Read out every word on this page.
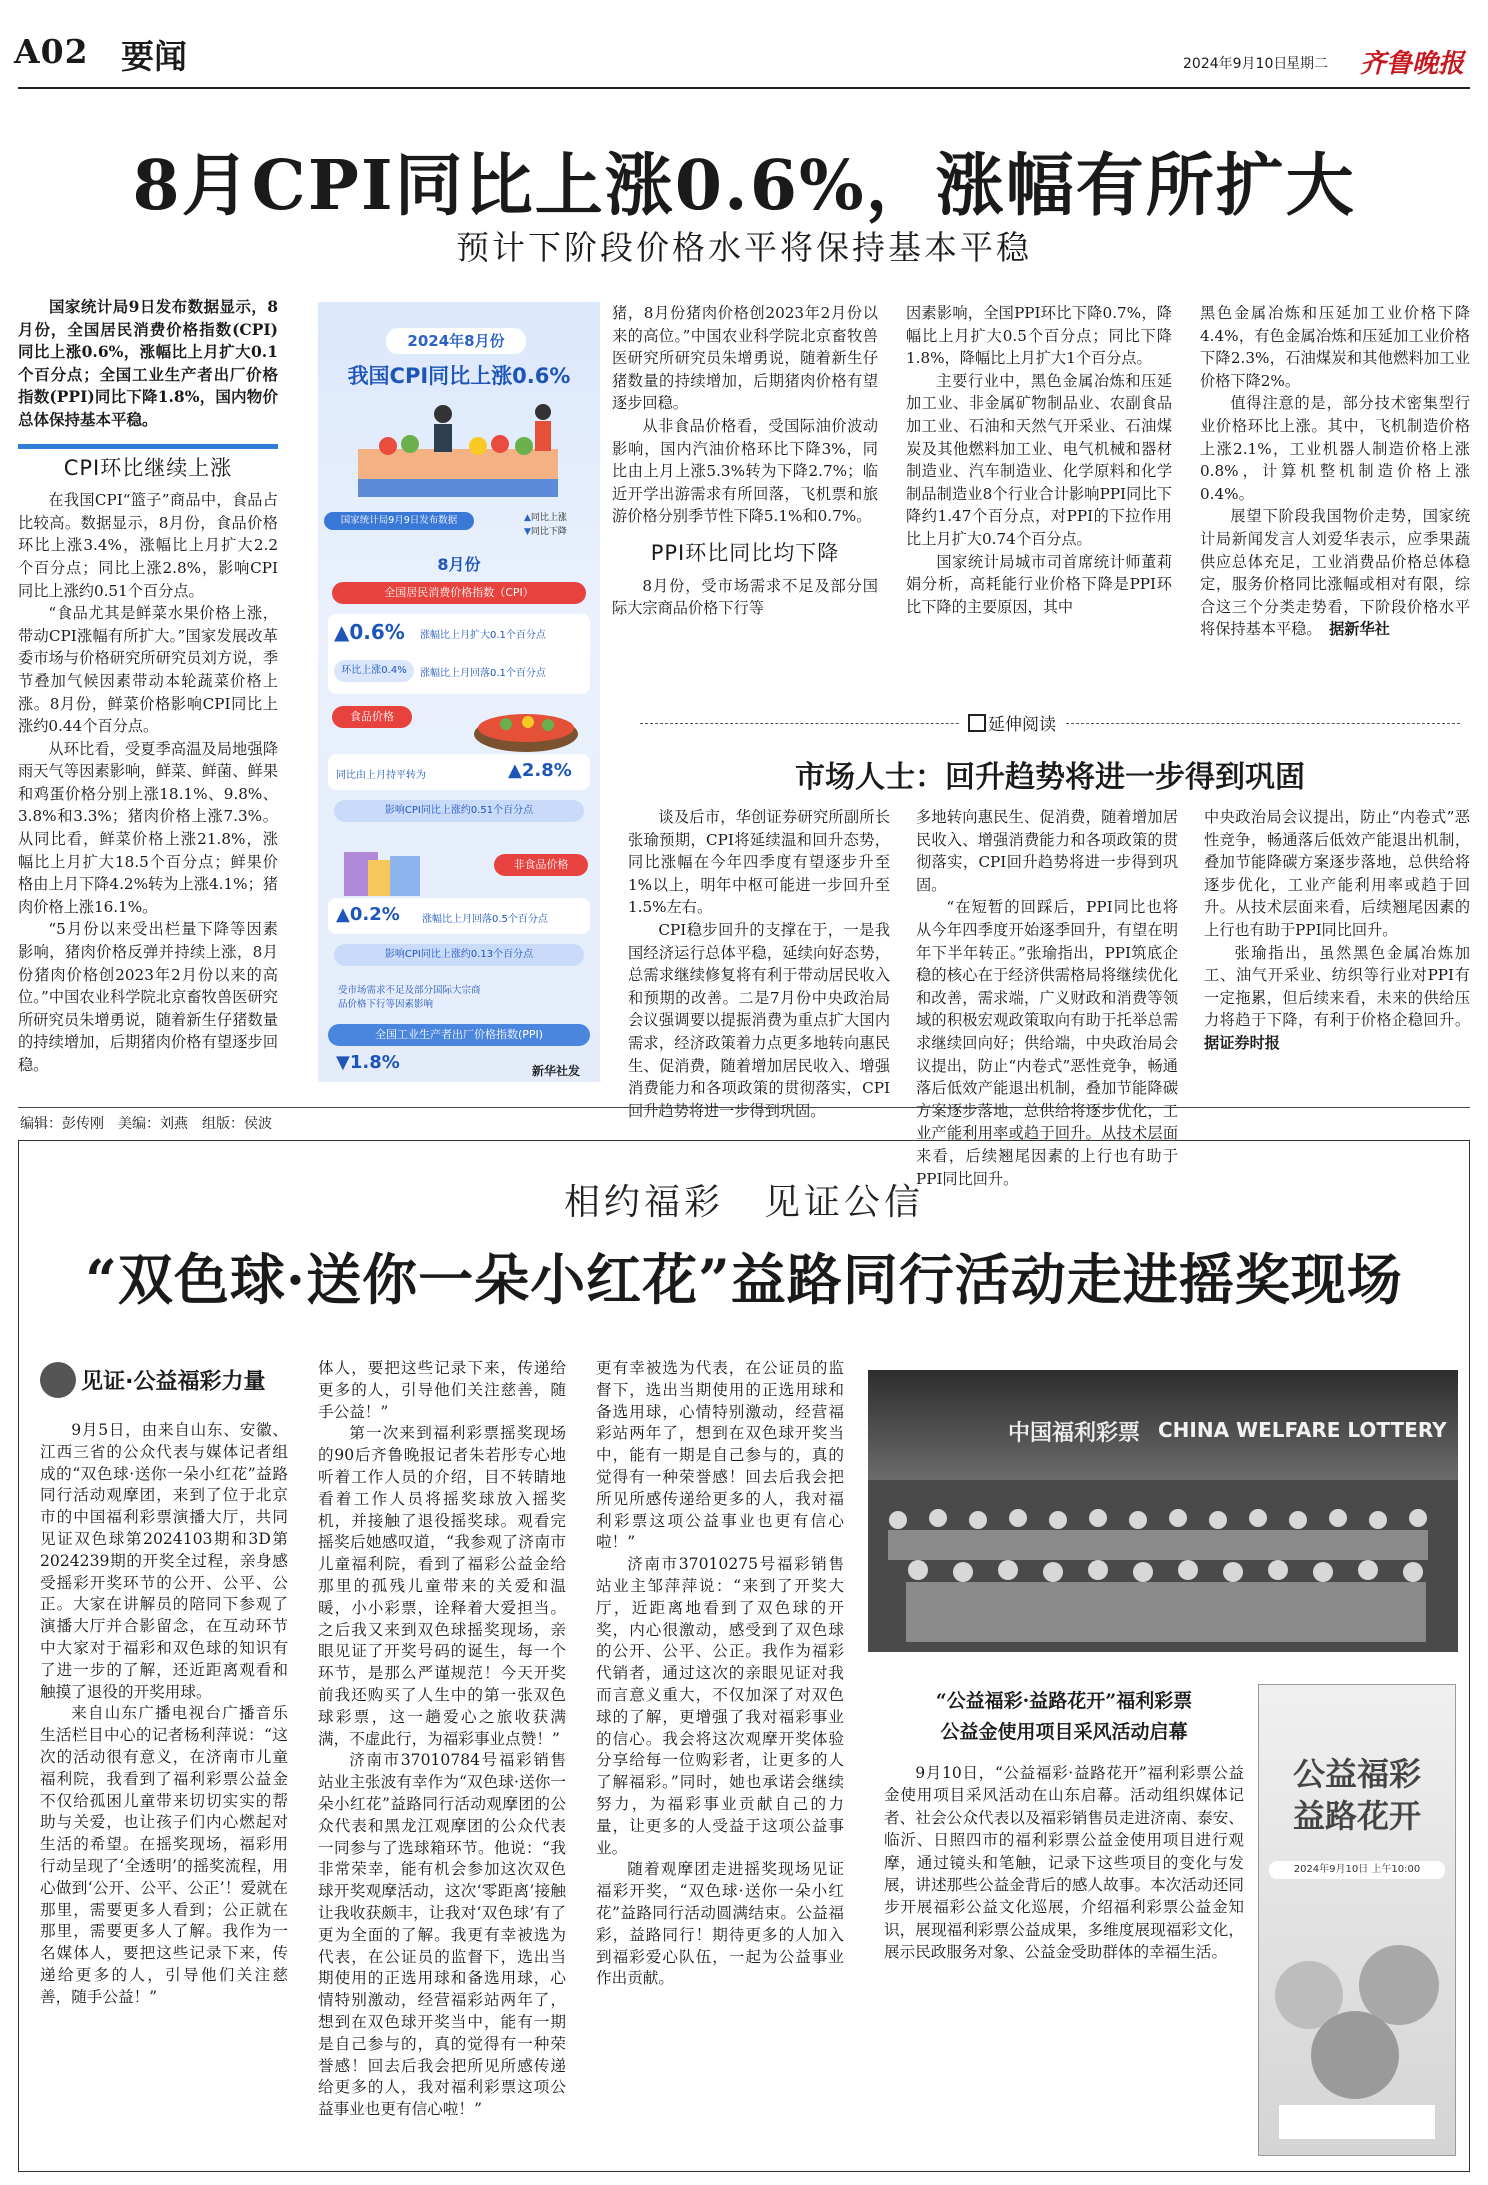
A02 要闻	2024年9月10日
星期二 齐鲁晚报
8月CPI同比上涨0.6%，涨幅有所扩大
预计下阶段价格水平将保持基本平稳

国家统计局9日发布数据显示，8月份，全国居民消费价格指数(CPI)同比上涨0.6%，涨幅比上月扩大0.1个百分点；全国工业生产者出厂价格指数(PPI)同比下降1.8%，国内物价总体保持基本平稳。

CPI环比继续上涨

在我国CPI“篮子”商品中，食品占比较高。数据显示，8月份，食品价格环比上涨3.4%，涨幅比上月扩大2.2个百分点；同比上涨2.8%，影响CPI同比上涨约0.51个百分点。

“食品尤其是鲜菜水果价格上涨，带动CPI涨幅有所扩大。”国家发展改革委市场与价格研究所研究员刘方说，季节叠加气候因素带动本轮蔬菜价格上涨。8月份，鲜菜价格影响CPI同比上涨约0.44个百分点。

从环比看，受夏季高温及局地强降雨天气等因素影响，鲜菜、鲜菌、鲜果和鸡蛋价格分别上涨18.1%、9.8%、3.8%和3.3%；猪肉价格上涨7.3%。从同比看，鲜菜价格上涨21.8%，涨幅比上月扩大18.5个百分点；鲜果价格由上月下降4.2%转为上涨4.1%；猪肉价格上涨16.1%。

“5月份以来受出栏量下降等因素影响，猪肉价格反弹并持续上涨，8月份猪肉价格创2023年2月份以来的高位。”中国农业科学院北京畜牧兽医研究所研究员朱增勇说，随着新生仔猪数量的持续增加，后期猪肉价格有望逐步回稳。

2024年8月份
我国CPI同比上涨0.6%
国家统计局9月9日发布数据	▲同比上涨
▼同比下降
8月份
全国居民消费价格指数（CPI）
▲0.6% 涨幅比上月扩大0.1个百分点
环比上涨0.4%	涨幅比上月回落0.1个百分点
食品价格
同比由上月持平转为	▲2.8%
影响CPI同比上涨约0.51个百分点
非食品价格
▲0.2% 涨幅比上月回落0.5个百分点
影响CPI同比上涨约0.13个百分点
受市场需求不足及部分国际大宗商品价格下行等因素影响
全国工业生产者出厂价格指数(PPI)
▼1.8%	新华社发

猪，8月份猪肉价格创2023年2月份以来的高位。”中国农业科学院北京畜牧兽医研究所研究员朱增勇说，随着新生仔猪数量的持续增加，后期猪肉价格有望逐步回稳。

从非食品价格看，受国际油价波动影响，国内汽油价格环比下降3%，同比由上月上涨5.3%转为下降2.7%；临近开学出游需求有所回落，飞机票和旅游价格分别季节性下降5.1%和0.7%。

PPI环比同比均下降

8月份，受市场需求不足及部分国际大宗商品价格下行等

因素影响，全国PPI环比下降0.7%，降幅比上月扩大0.5个百分点；同比下降1.8%，降幅比上月扩大1个百分点。

主要行业中，黑色金属冶炼和压延加工业、非金属矿物制品业、农副食品加工业、石油和天然气开采业、石油煤炭及其他燃料加工业、电气机械和器材制造业、汽车制造业、化学原料和化学制品制造业8个行业合计影响PPI同比下降约1.47个百分点，对PPI的下拉作用比上月扩大0.74个百分点。

国家统计局城市司首席统计师董莉娟分析，高耗能行业价格下降是PPI环比下降的主要原因，其中

黑色金属冶炼和压延加工业价格下降4.4%，有色金属冶炼和压延加工业价格下降2.3%，石油煤炭和其他燃料加工业价格下降2%。

值得注意的是，部分技术密集型行业价格环比上涨。其中，飞机制造价格上涨2.1%，工业机器人制造价格上涨0.8%，计算机整机制造价格上涨0.4%。

展望下阶段我国物价走势，国家统计局新闻发言人刘爱华表示，应季果蔬供应总体充足，工业消费品价格总体稳定，服务价格同比涨幅或相对有限，综合这三个分类走势看，下阶段价格水平将保持基本平稳。　 据新华社

延伸阅读
市场人士：回升趋势将进一步得到巩固

谈及后市，华创证券研究所副所长张瑜预期，CPI将延续温和回升态势，同比涨幅在今年四季度有望逐步升至1%以上，明年中枢可能进一步回升至1.5%左右。

CPI稳步回升的支撑在于，一是我国经济运行总体平稳，延续向好态势，总需求继续修复将有利于带动居民收入和预期的改善。二是7月份中央政治局会议强调要以提振消费为重点扩大国内需求，经济政策着力点更多地转向惠民生、促消费，随着增加居民收入、增强消费能力和各项政策的贯彻落实，CPI回升趋势将进一步得到巩固。

多地转向惠民生、促消费，随着增加居民收入、增强消费能力和各项政策的贯彻落实，CPI回升趋势将进一步得到巩固。

“在短暂的回踩后，PPI同比也将从今年四季度开始逐季回升，有望在明年下半年转正。”张瑜指出，PPI筑底企稳的核心在于经济供需格局将继续优化和改善，需求端，广义财政和消费等领域的积极宏观政策取向有助于托举总需求继续回向好；供给端，中央政治局会议提出，防止“内卷式”恶性竞争，畅通落后低效产能退出机制，叠加节能降碳方案逐步落地，总供给将逐步优化，工业产能利用率或趋于回升。从技术层面来看，后续翘尾因素的上行也有助于PPI同比回升。

中央政治局会议提出，防止“内卷式”恶性竞争，畅通落后低效产能退出机制，叠加节能降碳方案逐步落地，总供给将逐步优化，工业产能利用率或趋于回升。从技术层面来看，后续翘尾因素的上行也有助于PPI同比回升。

张瑜指出，虽然黑色金属冶炼加工、油气开采业、纺织等行业对PPI有一定拖累，但后续来看，未来的供给压力将趋于下降，有利于价格企稳回升。据证券时报

编辑：彭传刚　美编：刘燕　组版：侯波
相约福彩　见证公信
“双色球·送你一朵小红花”益路同行活动走进摇奖现场
见证·公益福彩力量

9月5日，由来自山东、安徽、江西三省的公众代表与媒体记者组成的“双色球·送你一朵小红花”益路同行活动观摩团，来到了位于北京市的中国福利彩票演播大厅，共同见证双色球第2024103期和3D第2024239期的开奖全过程，亲身感受摇彩开奖环节的公开、公平、公正。大家在讲解员的陪同下参观了演播大厅并合影留念，在互动环节中大家对于福彩和双色球的知识有了进一步的了解，还近距离观看和触摸了退役的开奖用球。

来自山东广播电视台广播音乐生活栏目中心的记者杨利萍说：“这次的活动很有意义，在济南市儿童福利院，我看到了福利彩票公益金不仅给孤困儿童带来切切实实的帮助与关爱，也让孩子们内心燃起对生活的希望。在摇奖现场，福彩用行动呈现了‘全透明’的摇奖流程，用心做到‘公开、公平、公正’！爱就在那里，需要更多人看到；公正就在那里，需要更多人了解。我作为一名媒体人，要把这些记录下来，传递给更多的人，引导他们关注慈善，随手公益！”

体人，要把这些记录下来，传递给更多的人，引导他们关注慈善，随手公益！”

第一次来到福利彩票摇奖现场的90后齐鲁晚报记者朱若彤专心地听着工作人员的介绍，目不转睛地看着工作人员将摇奖球放入摇奖机，并接触了退役摇奖球。观看完摇奖后她感叹道，“我参观了济南市儿童福利院，看到了福彩公益金给那里的孤残儿童带来的关爱和温暖，小小彩票，诠释着大爱担当。之后我又来到双色球摇奖现场，亲眼见证了开奖号码的诞生，每一个环节，是那么严谨规范！今天开奖前我还购买了人生中的第一张双色球彩票，这一趟爱心之旅收获满满，不虚此行，为福彩事业点赞！”

济南市37010784号福彩销售站业主张波有幸作为“双色球·送你一朵小红花”益路同行活动观摩团的公众代表和黑龙江观摩团的公众代表一同参与了选球箱环节。他说：“我非常荣幸，能有机会参加这次双色球开奖观摩活动，这次‘零距离’接触让我收获颇丰，让我对‘双色球’有了更为全面的了解。我更有幸被选为代表，在公证员的监督下，选出当期使用的正选用球和备选用球，心情特别激动，经营福彩站两年了，想到在双色球开奖当中，能有一期是自己参与的，真的觉得有一种荣誉感！回去后我会把所见所感传递给更多的人，我对福利彩票这项公益事业也更有信心啦！”

更有幸被选为代表，在公证员的监督下，选出当期使用的正选用球和备选用球，心情特别激动，经营福彩站两年了，想到在双色球开奖当中，能有一期是自己参与的，真的觉得有一种荣誉感！回去后我会把所见所感传递给更多的人，我对福利彩票这项公益事业也更有信心啦！”

济南市37010275号福彩销售站业主邹萍萍说：“来到了开奖大厅，近距离地看到了双色球的开奖，内心很激动，感受到了双色球的公开、公平、公正。我作为福彩代销者，通过这次的亲眼见证对我而言意义重大，不仅加深了对双色球的了解，更增强了我对福彩事业的信心。我会将这次观摩开奖体验分享给每一位购彩者，让更多的人了解福彩。”同时，她也承诺会继续努力，为福彩事业贡献自己的力量，让更多的人受益于这项公益事业。

随着观摩团走进摇奖现场见证福彩开奖，“双色球·送你一朵小红花”益路同行活动圆满结束。公益福彩，益路同行！期待更多的人加入到福彩爱心队伍，一起为公益事业作出贡献。

中国福利彩票 CHINA WELFARE LOTTERY
“公益福彩·益路花开”福利彩票
公益金使用项目采风活动启幕

9月10日，“公益福彩·益路花开”福利彩票公益金使用项目采风活动在山东启幕。活动组织媒体记者、社会公众代表以及福彩销售员走进济南、泰安、临沂、日照四市的福利彩票公益金使用项目进行观摩，通过镜头和笔触，记录下这些项目的变化与发展，讲述那些公益金背后的感人故事。本次活动还同步开展福彩公益文化巡展，介绍福利彩票公益金知识，展现福利彩票公益成果，多维度展现福彩文化，展示民政服务对象、公益金受助群体的幸福生活。

公益福彩
益路花开
2024年9月10日 上午10:00
